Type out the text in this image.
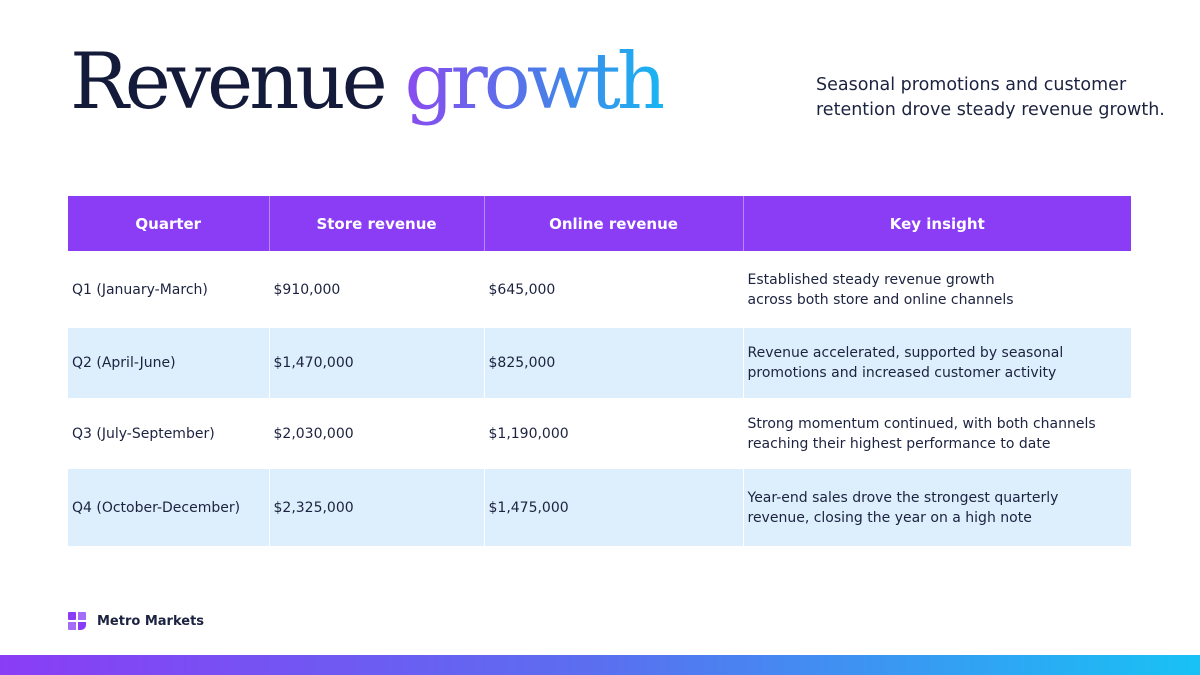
Revenue growth	Seasonal promotions and customer retention drove steady revenue growth.

Quarter	Store revenue	Online revenue	Key insight
Q1 (January-March)	$910,000	$645,000	Established steady revenue growth
across both store and online channels
Q2 (April-June)	$1,470,000	$825,000	Revenue accelerated, supported by seasonal
promotions and increased customer activity
Q3 (July-September)	$2,030,000	$1,190,000	Strong momentum continued, with both channels
reaching their highest performance to date
Q4 (October-December)	$2,325,000	$1,475,000	Year-end sales drove the strongest quarterly
revenue, closing the year on a high note
Metro Markets
